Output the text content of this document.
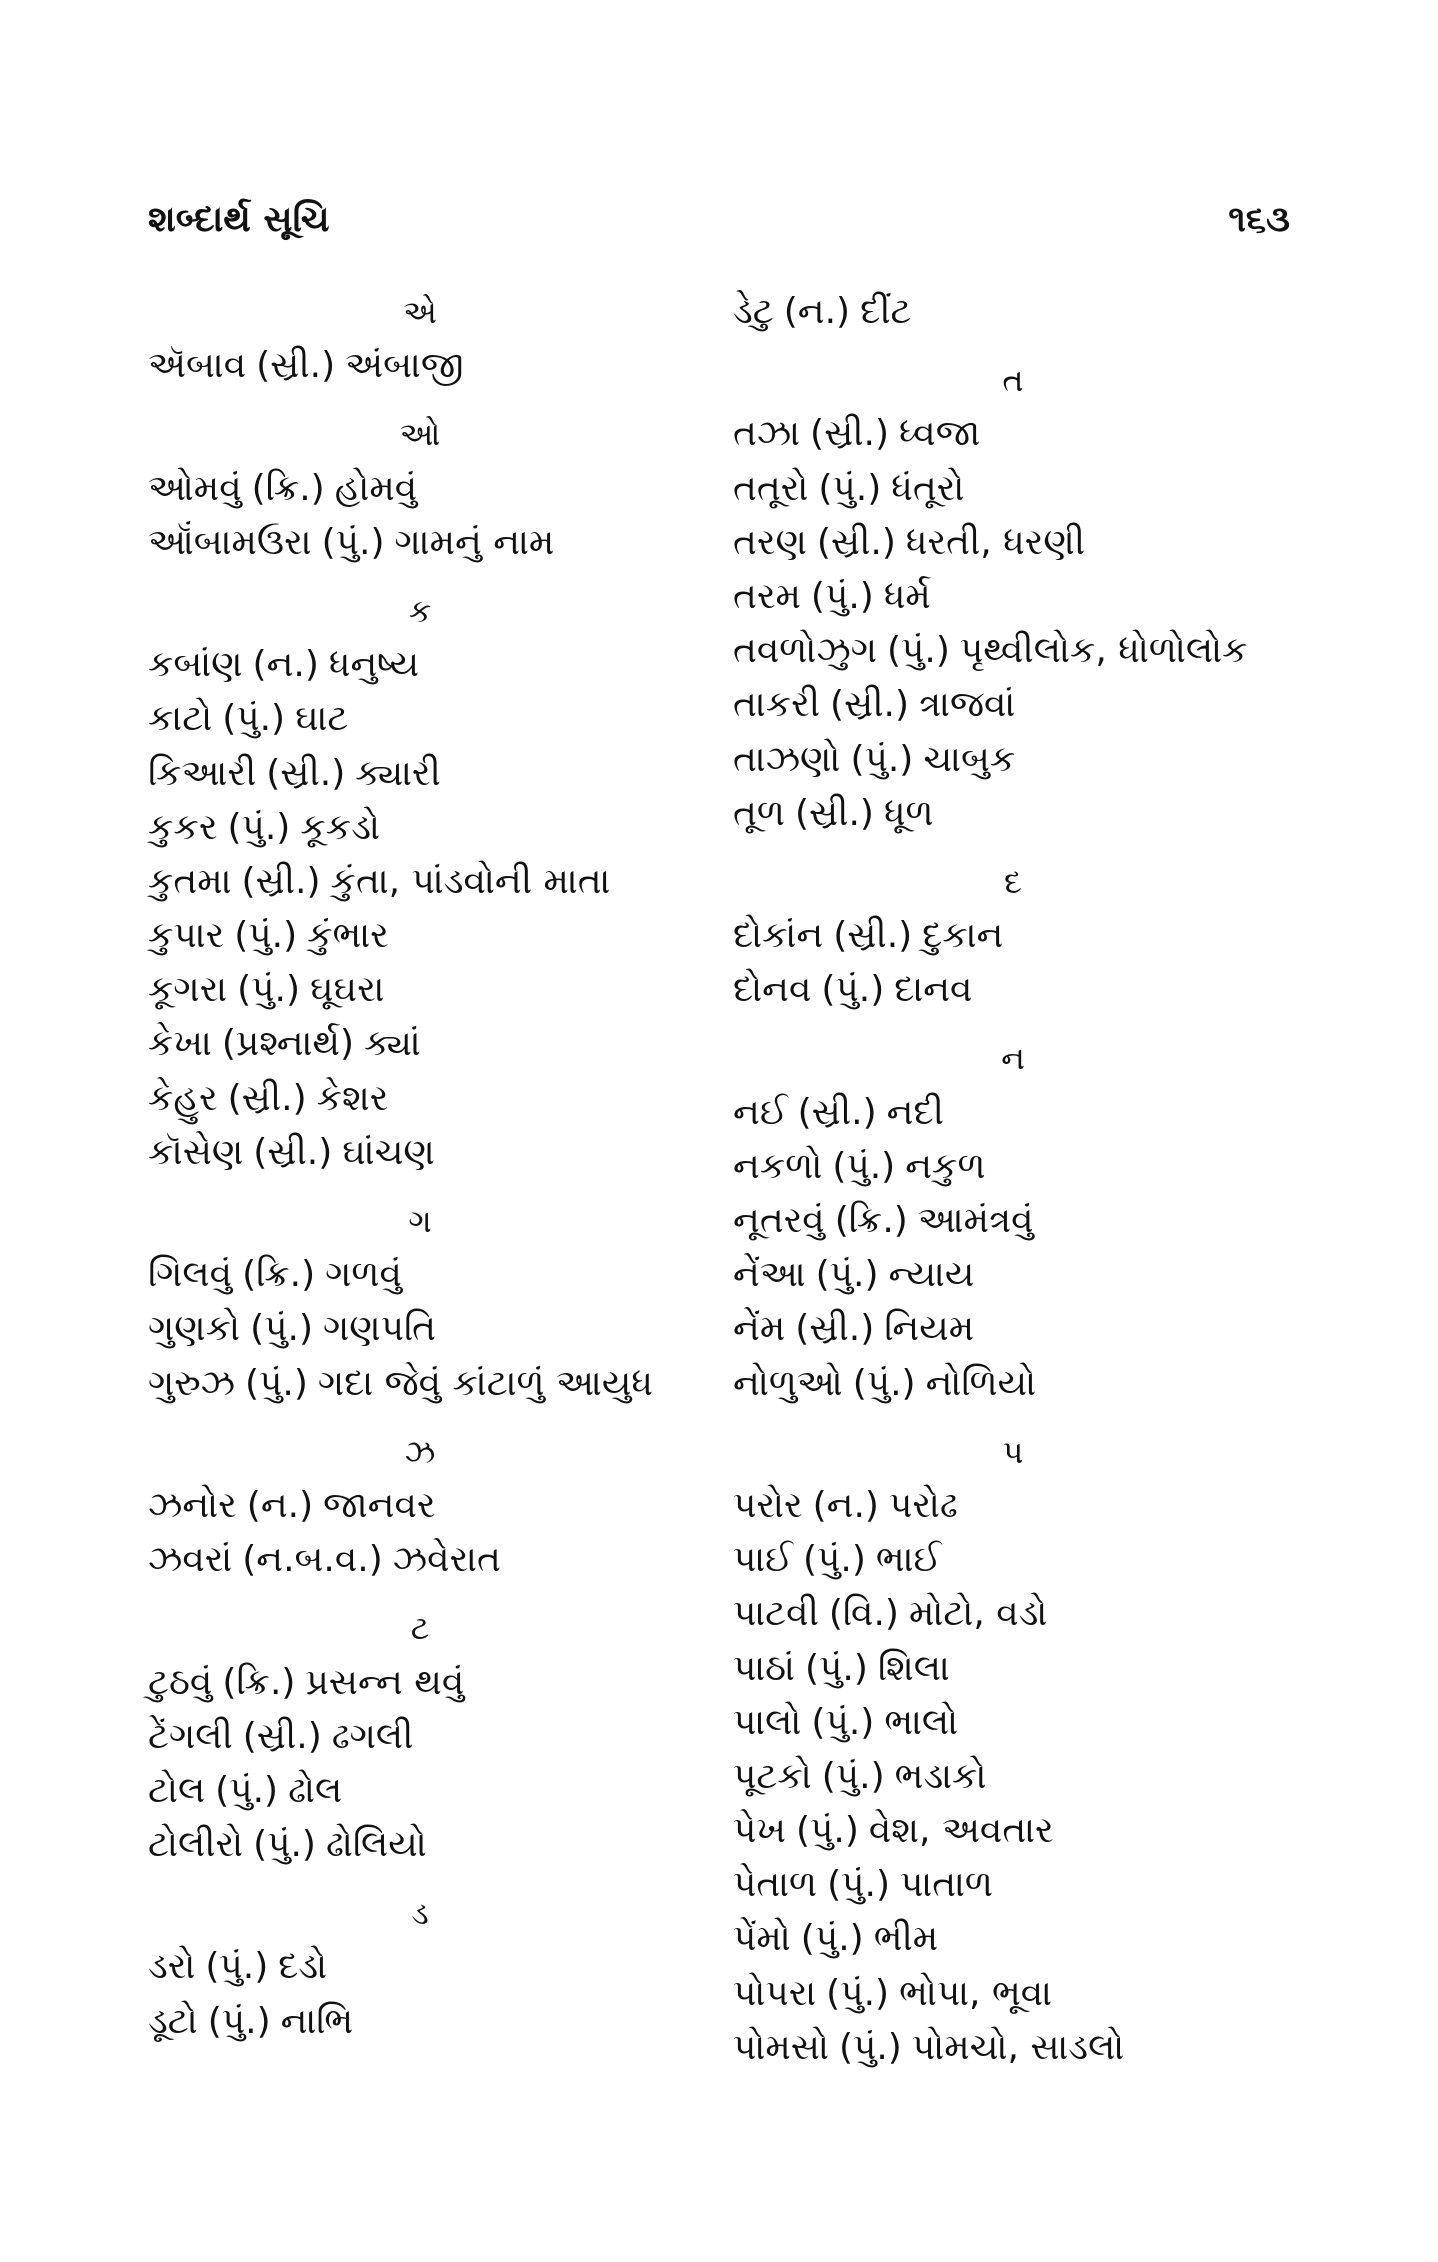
શબ્દાર્થ સૂચિ	૧૬૩
એ
ઍબાવ (સ્રી.) અંબાજી
ઓ
ઓમવું (ક્રિ.) હોમવું
ઑંબામઉરા (પું.) ગામનું નામ
ક
કબાંણ (ન.) ધનુષ્ય
કાટો (પું.) ઘાટ
કિઆરી (સ્રી.) ક્યારી
કુકર (પું.) કૂકડો
કુતમા (સ્રી.) કુંતા, પાંડવોની માતા
કુપાર (પું.) કુંભાર
કૂગરા (પું.) ઘૂઘરા
કેખા (પ્રશ્નાર્થ) ક્યાં
કેહુર (સ્રી.) કેશર
કૉસેણ (સ્રી.) ઘાંચણ
ગ
ગિલવું (ક્રિ.) ગળવું
ગુણકો (પું.) ગણપતિ
ગુરુઝ (પું.) ગદા જેવું કાંટાળું આયુધ
ઝ
ઝનોર (ન.) જાનવર
ઝવરાં (ન.બ.વ.) ઝવેરાત
ટ
ટુઠવું (ક્રિ.) પ્રસન્ન થવું
ટેંગલી (સ્રી.) ઢગલી
ટોલ (પું.) ઢોલ
ટોલીરો (પું.) ઢોલિયો
ડ
ડરો (પું.) દડો
ડૂટો (પું.) નાભિ
ડેટુ (ન.) દીંટ
ત
તઝા (સ્રી.) ધ્વજા
તતૂરો (પું.) ધંતૂરો
તરણ (સ્રી.) ધરતી, ધરણી
તરમ (પું.) ધર્મ
તવળોઝુગ (પું.) પૃથ્વીલોક, ધોળોલોક
તાકરી (સ્રી.) ત્રાજવાં
તાઝણો (પું.) ચાબુક
તૂળ (સ્રી.) ધૂળ
દ
દોકાંન (સ્રી.) દુકાન
દોનવ (પું.) દાનવ
ન
નઈ (સ્રી.) નદી
નકળો (પું.) નકુળ
નૂતરવું (ક્રિ.) આમંત્રવું
નેંઆ (પું.) ન્યાય
નેંમ (સ્રી.) નિયમ
નોળુઓ (પું.) નોળિયો
પ
પરોર (ન.) પરોઢ
પાઈ (પું.) ભાઈ
પાટવી (વિ.) મોટો, વડો
પાઠાં (પું.) શિલા
પાલો (પું.) ભાલો
પૂટકો (પું.) ભડાકો
પેખ (પું.) વેશ, અવતાર
પેતાળ (પું.) પાતાળ
પેંમો (પું.) ભીમ
પોપરા (પું.) ભોપા, ભૂવા
પોમસો (પું.) પોમચો, સાડલો
